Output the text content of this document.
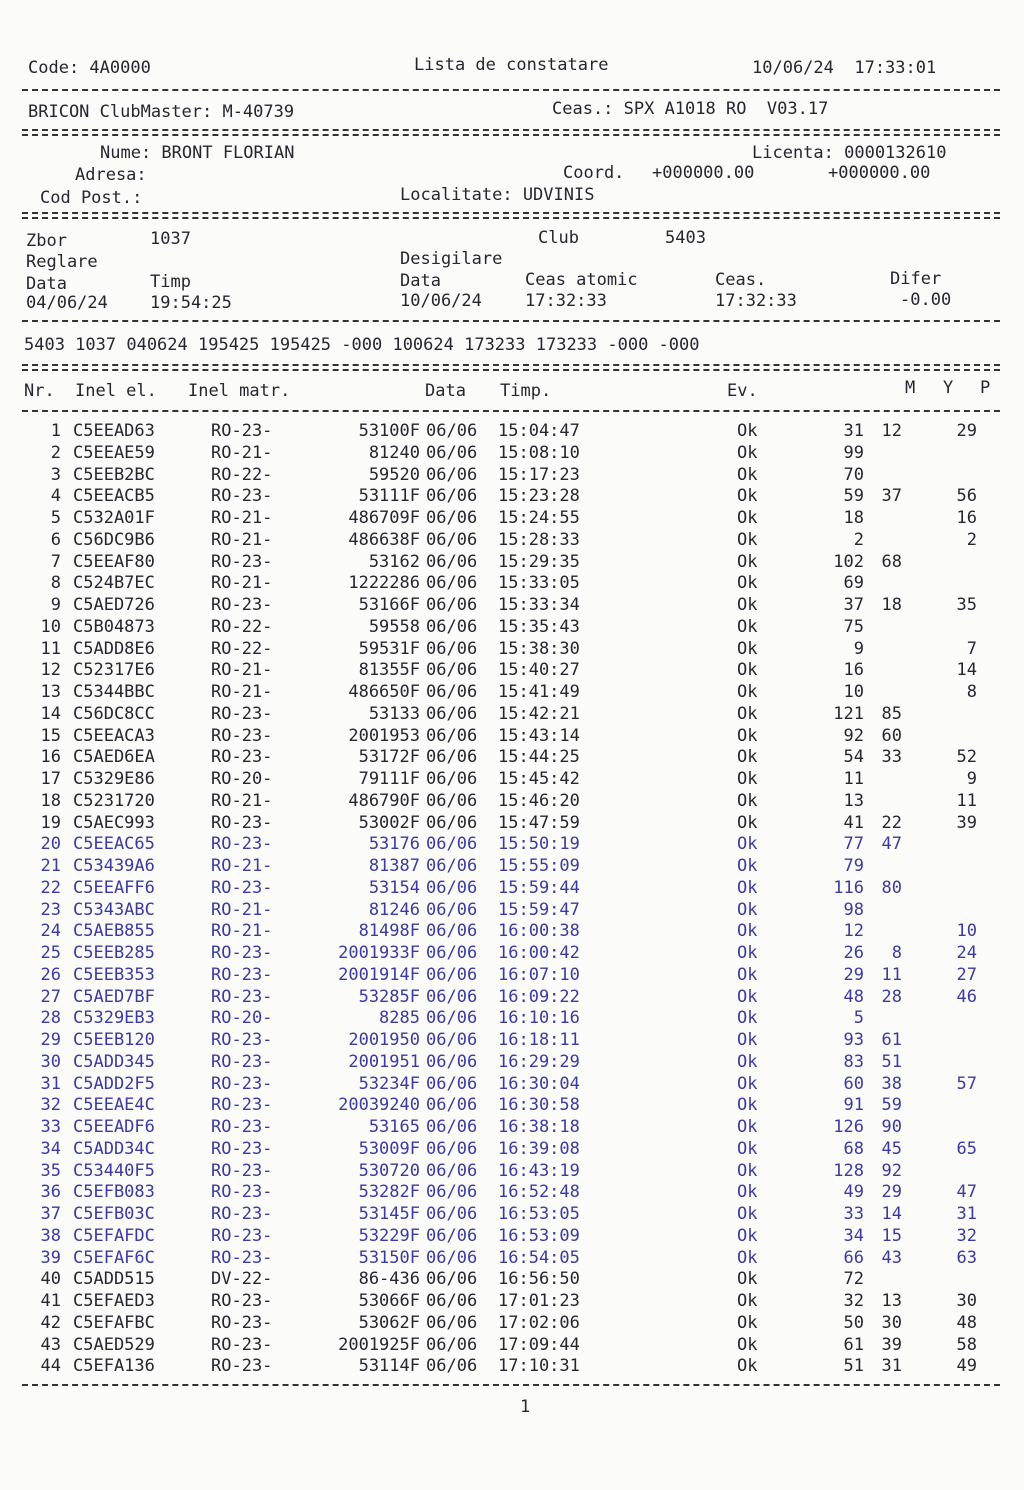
Code: 4A0000	Lista de constatare	10/06/24  17:33:01
BRICON ClubMaster: M-40739	Ceas.: SPX A1018 RO  V03.17
Nume: BRONT FLORIAN	Licenta: 0000132610
Adresa:	Coord. +000000.00	+000000.00
Cod Post.:	Localitate: UDVINIS
Zbor	1037	Club	5403
Reglare	Desigilare
Data	Timp	Data	Ceas atomic	Ceas.	Difer
04/06/24 19:54:25	10/06/24	17:32:33	17:32:33	-0.00
5403 1037 040624 195425 195425 -000 100624 173233 173233 -000 -000
Nr. Inel el. Inel matr.	Data Timp.	Ev.	M Y P
1 C5EEAD63	RO-23-	53100F 06/06 15:04:47	Ok	31 12	29
2 C5EEAE59	RO-21-	81240 06/06 15:08:10	Ok	99
3 C5EEB2BC	RO-22-	59520 06/06 15:17:23	Ok	70
4 C5EEACB5	RO-23-	53111F 06/06 15:23:28	Ok	59 37	56
5 C532A01F	RO-21-	486709F 06/06 15:24:55	Ok	18	16
6 C56DC9B6	RO-21-	486638F 06/06 15:28:33	Ok	2	2
7 C5EEAF80	RO-23-	53162 06/06 15:29:35	Ok	102 68
8 C524B7EC	RO-21-	1222286 06/06 15:33:05	Ok	69
9 C5AED726	RO-23-	53166F 06/06 15:33:34	Ok	37 18	35
10 C5B04873	RO-22-	59558 06/06 15:35:43	Ok	75
11 C5ADD8E6	RO-22-	59531F 06/06 15:38:30	Ok	9	7
12 C52317E6	RO-21-	81355F 06/06 15:40:27	Ok	16	14
13 C5344BBC	RO-21-	486650F 06/06 15:41:49	Ok	10	8
14 C56DC8CC	RO-23-	53133 06/06 15:42:21	Ok	121 85
15 C5EEACA3	RO-23-	2001953 06/06 15:43:14	Ok	92 60
16 C5AED6EA	RO-23-	53172F 06/06 15:44:25	Ok	54 33	52
17 C5329E86	RO-20-	79111F 06/06 15:45:42	Ok	11	9
18 C5231720	RO-21-	486790F 06/06 15:46:20	Ok	13	11
19 C5AEC993	RO-23-	53002F 06/06 15:47:59	Ok	41 22	39
20 C5EEAC65	RO-23-	53176 06/06 15:50:19	Ok	77 47
21 C53439A6	RO-21-	81387 06/06 15:55:09	Ok	79
22 C5EEAFF6	RO-23-	53154 06/06 15:59:44	Ok	116 80
23 C5343ABC	RO-21-	81246 06/06 15:59:47	Ok	98
24 C5AEB855	RO-21-	81498F 06/06 16:00:38	Ok	12	10
25 C5EEB285	RO-23-	2001933F 06/06 16:00:42	Ok	26 8	24
26 C5EEB353	RO-23-	2001914F 06/06 16:07:10	Ok	29 11	27
27 C5AED7BF	RO-23-	53285F 06/06 16:09:22	Ok	48 28	46
28 C5329EB3	RO-20-	8285 06/06 16:10:16	Ok	5
29 C5EEB120	RO-23-	2001950 06/06 16:18:11	Ok	93 61
30 C5ADD345	RO-23-	2001951 06/06 16:29:29	Ok	83 51
31 C5ADD2F5	RO-23-	53234F 06/06 16:30:04	Ok	60 38	57
32 C5EEAE4C	RO-23-	20039240 06/06 16:30:58	Ok	91 59
33 C5EEADF6	RO-23-	53165 06/06 16:38:18	Ok	126 90
34 C5ADD34C	RO-23-	53009F 06/06 16:39:08	Ok	68 45	65
35 C53440F5	RO-23-	530720 06/06 16:43:19	Ok	128 92
36 C5EFB083	RO-23-	53282F 06/06 16:52:48	Ok	49 29	47
37 C5EFB03C	RO-23-	53145F 06/06 16:53:05	Ok	33 14	31
38 C5EFAFDC	RO-23-	53229F 06/06 16:53:09	Ok	34 15	32
39 C5EFAF6C	RO-23-	53150F 06/06 16:54:05	Ok	66 43	63
40 C5ADD515	DV-22-	86-436 06/06 16:56:50	Ok	72
41 C5EFAED3	RO-23-	53066F 06/06 17:01:23	Ok	32 13	30
42 C5EFAFBC	RO-23-	53062F 06/06 17:02:06	Ok	50 30	48
43 C5AED529	RO-23-	2001925F 06/06 17:09:44	Ok	61 39	58
44 C5EFA136	RO-23-	53114F 06/06 17:10:31	Ok	51 31	49
1
